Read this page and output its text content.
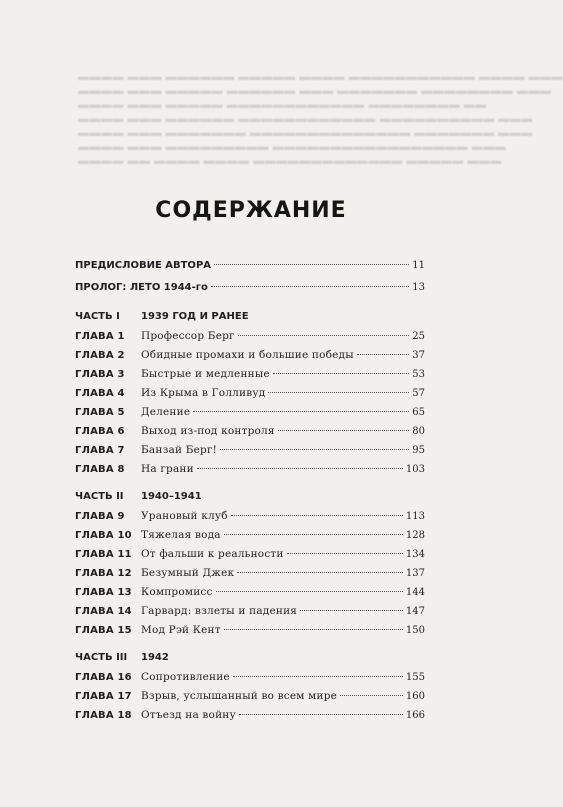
▬▬▬▬ ▬▬▬ ▬▬▬▬▬▬ ▬▬▬▬▬ ▬▬▬▬ ▬▬▬▬▬▬▬▬▬▬▬ ▬▬▬▬ ▬▬▬
▬▬▬▬ ▬▬▬ ▬▬▬▬▬ ▬▬▬▬▬▬ ▬▬▬ ▬▬▬▬▬▬▬ ▬▬▬▬▬▬▬▬ ▬▬▬
▬▬▬▬ ▬▬▬ ▬▬▬▬▬ ▬▬▬▬▬▬▬▬▬▬▬▬ ▬▬▬▬▬▬▬▬ ▬▬
▬▬▬▬ ▬▬▬ ▬▬▬▬▬▬ ▬▬▬▬▬▬▬▬▬▬▬▬ ▬▬▬▬▬▬▬▬▬▬ ▬▬▬
▬▬▬▬ ▬▬▬ ▬▬▬▬▬▬▬ ▬▬▬▬▬▬▬▬▬▬▬▬▬▬ ▬▬▬▬▬▬▬ ▬▬▬
▬▬▬▬ ▬▬▬ ▬▬▬▬▬▬▬▬▬ ▬▬▬▬▬▬▬▬▬▬▬▬▬▬▬▬▬ ▬▬▬
▬▬▬▬ ▬▬ ▬▬▬▬ ▬▬▬▬ ▬▬▬▬▬▬▬▬▬▬▬▬▬ ▬▬▬▬▬ ▬▬▬
СОДЕРЖАНИЕ
ПРЕДИСЛОВИЕ АВТОРА	11
ПРОЛОГ: ЛЕТО 1944-го	13
ЧАСТЬ I	1939 ГОД И РАНЕЕ
ГЛАВА 1	Профессор Берг	25
ГЛАВА 2	Обидные промахи и большие победы	37
ГЛАВА 3	Быстрые и медленные	53
ГЛАВА 4	Из Крыма в Голливуд	57
ГЛАВА 5	Деление	65
ГЛАВА 6	Выход из-под контроля	80
ГЛАВА 7	Банзай Берг!	95
ГЛАВА 8	На грани	103
ЧАСТЬ II	1940–1941
ГЛАВА 9	Урановый клуб	113
ГЛАВА 10 Тяжелая вода	128
ГЛАВА 11 От фальши к реальности	134
ГЛАВА 12 Безумный Джек	137
ГЛАВА 13 Компромисс	144
ГЛАВА 14 Гарвард: взлеты и падения	147
ГЛАВА 15 Мод Рэй Кент	150
ЧАСТЬ III	1942
ГЛАВА 16 Сопротивление	155
ГЛАВА 17 Взрыв, услышанный во всем мире	160
ГЛАВА 18 Отъезд на войну	166
